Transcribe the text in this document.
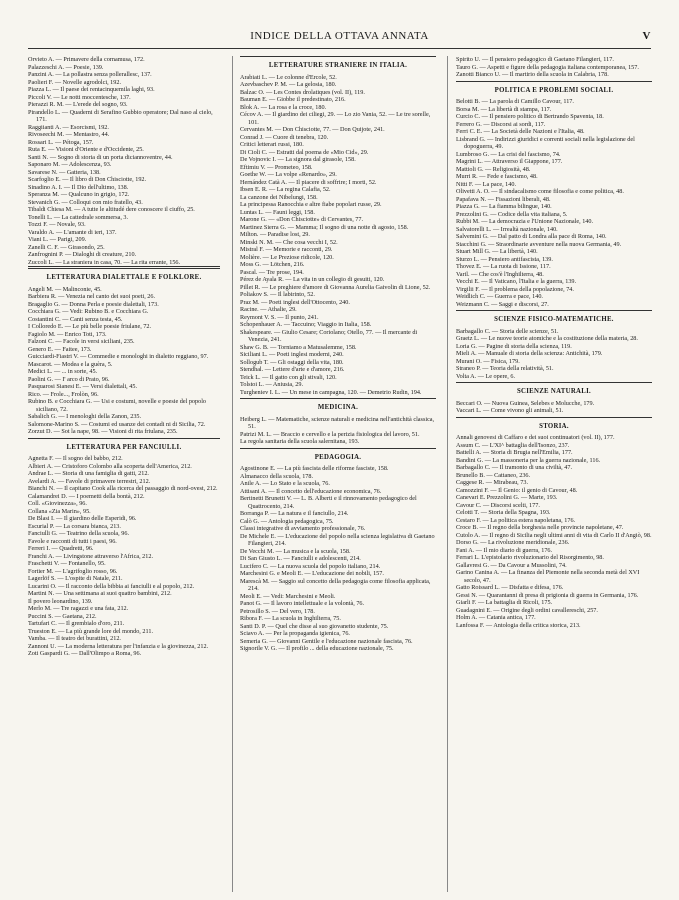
INDICE DELLA OTTAVA ANNATA	V
Orvieto A. — Primavere della cornamusa, 172.
Palazzeschi A. — Poesie, 139.
Panzini A. — La pollastra senza pollerallesc, 137.
Paolieri F. — Novelle agrodolci, 192.
Piazza L. — Il paese dei rentacinquemila laghi, 93.
Piccoli V. — Le notti moccentesche, 137.
Pierazzi R. M. — L'erede del sogno, 93.
Pirandello L. — Quaderni di Serafino Gubbio operatore; Dal naso al cielo, 171.
Raggiianti A. — Esorcismi, 192.
Rivoseechi M. — Mentastro, 44.
Rossari L. — Pétoga, 157.
Ruta E. — Visioni d'Oriente e d'Occidente, 25.
Santi N. — Sogno di storia di un porta diciannoventre, 44.
Saponaro M. — Adolescenza, 93.
Savarese N. — Gatteria, 138.
Scarfoglio E. — Il libro di Don Chisciotte, 192.
Sinadino A. I. — Il Dio dell'ultimo, 138.
Speranza M. — Qualcuno in grigio, 172.
Stevanich G. — Colloqui con mio fratello, 43.
Tibaldi Chiesa M. — A tutte le altitudé dere conoscere il ciuffo, 25.
Tonelli L. — La cattedrale sommersa, 3.
Tozzi F. — Novale, 93.
Varaldo A. — L'amante di ieri, 137.
Viani L. — Parigi, 209.
Zanelli C. F. — Girasondo, 25.
Zanfrognini P. — Dialoghi di creature, 210.
Zuccoli L. — La straniera in casa, 70. — La rita errante, 156.
LETTERATURA DIALETTALE E FOLKLORE.
Angeli M. — Malinconie, 45.
Barbiera R. — Venezia nel canto dei suoi poeti, 26.
Bragaglio G. — Donna Perla e poesie dialettali, 173.
Cocchiara G. — Vedi: Rubino B. e Cocchiara G.
Costantini C. — Canti senza testa, 45.
I Colloredo E. — Le più belle poesie friulane, 72.
Fagiolo M. — Enrico Toti, 173.
Falzoni C. — Facole in versi siciliani, 235.
Genero E. — Faitee, 173.
Guicciardi-Fiastri V. — Commedie e monologhi in dialetto reggiano, 97.
Mascarot. — Modea e la guèra, 5.
Medici L. — ... in sorte, 45.
Paolini G. — I' arco di Prato, 96.
Pasquarosi Sianesi E. — Versi dialettali, 45.
Rico. — Frole..., Frolòn, 96.
Rubino B. e Cocchiara G. — Usi e costumi, novelle e poesie del popolo siciliano, 72.
Sabalich G. — I menologhi della Zanon, 235.
Salomone-Marino S. — Costumi ed usanze dei contadi ni di Sicilia, 72.
Zorzut D. — Sot la nape, 98. — Visioni di rita friulana, 235.
LETTERATURA PER FANCIULLI.
Agnetta F. — Il sogno del babbo, 212.
Albieri A. — Cristoforo Colombo alla scoperta dell'America, 212.
Andrae L. — Storia di una famiglia di gatti, 212.
Avelardi A. — Favole di primavere terrestri, 212.
Bianchi N. — Il capitano Cook alla ricerca del passaggio di nord-ovest, 212.
Calamandrei D. — I poemetti della bontà, 212.
Coll. «Giovinezza», 96.
Collana «Zia Marin», 95.
De Blasi I. — Il giardino delle Esperidi, 96.
Escurial P. — La corsara bianca, 213.
Fanciulli G. — Teatrino della scuola, 96.
Favole e racconti di tutti i paesi, 96.
Ferreri I. — Quadretti, 96.
Franchi A. — Livingstone attraverso l'Africa, 212.
Fraschetti V. — Fontanello, 95.
Fortier M. — L'agrifoglio rosso, 96.
Lagerlöf S. — L'ospite di Natale, 211.
Lucarini O. — Il racconto della bibbia ai fanciulli e al popolo, 212.
Martini N. — Una settimana ai suoi quattro bambini, 212.
Il povero leonardino, 139.
Merlo M. — Tre ragazzi e una fata, 212.
Puccini S. — Gaetana, 212.
Tartufari C. — Il grembialo d'oro, 211.
Trueston E. — La più grande lore del mondo, 211.
Vamba. — Il teatro dei burattini, 212.
Zannoni U. — La moderna letteratura per l'infanzia e la giovinezza, 212.
Zoti Gaspardi G. — Dall'Olimpo a Roma, 96.
LETTERATURE STRANIERE IN ITALIA.
Arabiati L. — Le colonne d'Ercole, 52.
Azevbaschev P. M. — La gelosia, 180.
Balzac O. — Les Contes drolatiques (vol. II), 119.
Bauman E. — Giobbe il predestinato, 216.
Blok A. — La rosa e la croce, 180.
Cécov A. — Il giardino dei ciliegi, 29. — Lo zio Vania, 52. — Le tre sorelle, 101.
Cervantes M. — Don Chisciotte, 77. — Don Quijote, 241.
Conrad J. — Cuore di tenebra, 120.
Critici letterari russi, 180.
Di Cioli C. — Estratti dal poema de «Mio Cid», 29.
De Vojnovic I. — La signora dal girasole, 158.
Eftimiu V. — Prometeo, 158.
Goethe W. — La volpe «Renardo», 29.
Hernández Catà A. — Il piacere di soffrire; I morti, 52.
Ibsen E. R. — La regina Calafia, 52.
La canzone dei Nibelungi, 158.
La principessa Ranocchia e altre fiabe popolari russe, 29.
Luntas L. — Fauni leggi, 158.
Marone G. — «Don Chisciotte» di Cervantes, 77.
Martinez Sierra G. — Mamma; Il sogno di una notte di agosto, 158.
Milton. — Paradise lost, 29.
Minski N. M. — Che cosa vecchi I, 52.
Mistral F. — Memorie e racconti, 29.
Molière. — Le Preziose ridicole, 120.
Moss G. — Lötchen, 216.
Pascal. — Tre prose, 194.
Pérez de Ayala R. — La vita in un collegio di gesuiti, 120.
Pillet R. — Le preghiere d'amore di Giovanna Aurelia Gaivolin di Lione, 52.
Poliakov S. — Il labirinto, 52.
Praz M. — Poeti inglesi dell'Ottocento, 240.
Racine. — Athalie, 29.
Reymont V. S. — Il punto, 241.
Schopenhauer A. — Taccuino; Viaggio in Italia, 158.
Shakespeare. — Giulio Cesare; Coriolano; Otello, 77. — Il mercante di Venezia, 241.
Shaw G. B. — Torniamo a Matusalemme, 158.
Siciliani L. — Poeti inglesi moderni, 240.
Sollogub T. — Gli ostaggi della vita, 180.
Stendhal. — Lettere d'arte e d'amore, 216.
Teick L. — Il gatto con gli stivali, 120.
Tolstoi L. — Aniusia, 29.
Turgheniev I. L. — Un mese in campagna, 120. — Demetrio Rudin, 194.
MEDICINA.
Heiberg L. — Matematiche, scienze naturali e medicina nell'antichità classica, 51.
Patrizi M. L. — Braccio e cervello e la perizia fisiologica del lavoro, 51.
La regola sanitaria della scuola salernitana, 193.
PEDAGOGIA.
Agostinone E. — La più fascista delle riforme fasciste, 158.
Almanacco della scuola, 178.
Anile A. — Lo Stato e la scuola, 76.
Attisani A. — Il concetto dell'educazione economica, 76.
Bertinetti Brunetti V. — L. B. Alberti e il rinnovamento pedagogico del Quattrocento, 214.
Borranga P. — La natura e il fanciullo, 214.
Calò G. — Antologia pedagogica, 75.
Classi integrative di avviamento professionale, 76.
De Michele E. — L'educazione del popolo nella scienza legislativa di Gaetano Filangieri, 214.
De Vecchi M. — La musica e la scuola, 158.
Di San Giusto L. — Fanciulli e adolescenti, 214.
Lucifero C. — La nuova scuola del popolo italiano, 214.
Marchesini G. e Meoli E. — L'educazione dei nobili, 157.
Marescà M. — Saggio sul concetto della pedagogia come filosofia applicata, 214.
Meoli E. — Vedi: Marchesini e Meoli.
Panot G. — Il lavoro intellettuale e la volontà, 76.
Petrosillo S. — Del vero, 178.
Ribora F. — La scuola in Inghilterra, 75.
Santi D. P. — Quel che disse al suo giovanetto studente, 75.
Sciavo A. — Per la propaganda igienica, 76.
Semeria G. — Giovanni Gentile e l'educazione nazionale fascista, 76.
Signorile V. G. — Il profilo ... della educazione nazionale, 75.
Spirito U. — Il pensiero pedagogico di Gaetano Filangieri, 117.
Tauro G. — Aspetti e figure della pedagogia italiana contemporanea, 157.
Zanotti Bianco U. — Il martirio della scuola in Calabria, 178.
POLITICA E PROBLEMI SOCIALI.
Belotti B. — La parola di Camillo Cavour, 117.
Borsa M. — La libertà di stampa, 117.
Curcio C. — Il pensiero politico di Bertrando Spaventa, 18.
Ferrero G. — Discorsi ai sordi, 117.
Ferri C. E. — La Società delle Nazioni e l'Italia, 48.
Lisbrand G. — Indirizzi giuridici e correnti sociali nella legislazione del dopoguerra, 49.
Lumbroso G. — La crisi del fascismo, 74.
Magrini L. — Attraverso il Giappone, 177.
Mattioli G. — Religiosità, 48.
Murri R. — Fede e fascismo, 48.
Nitti F. — La pace, 140.
Olivetti A. O. — Il sindacalismo come filosofia e come politica, 48.
Papafava N. — Fissazioni liberali, 48.
Piazza G. — La fiamma bilingue, 140.
Prezzolini G. — Codice della vita italiana, 5.
Rubbi M. — La democrazia e l'Unione Nazionale, 140.
Salvatorelli L. — Irrealtà nazionale, 140.
Salvemini G. — Dal patto di Londra alla pace di Roma, 140.
Stacchini G. — Straordinarie avventure nella nuova Germania, 49.
Stuart Mill G. — La libertà, 140.
Sturzo L. — Pensiero antifascista, 139.
Thovez E. — La ruota di Issione, 117.
Varil. — Che cos'è l'Inghilterra, 48.
Vecchi E. — Il Vaticano, l'Italia e la guerra, 139.
Virgilii F. — Il problema della popolazione, 74.
Weidlich C. — Guerra e pace, 140.
Weizmann C. — Saggi e discorsi, 27.
SCIENZE FISICO-MATEMATICHE.
Barbagallo C. — Storia delle scienze, 51.
Graetz L. — Le nuove teorie atomiche e la costituzione della materia, 28.
Loria G. — Pagine di storia della scienza, 119.
Mieli A. — Manuale di storia della scienza: Antichità, 179.
Murani O. — Fisica, 179.
Straneo P. — Teoria della relatività, 51.
Volta A. — Le opere, 6.
SCIENZE NATURALI.
Beccari O. — Nuova Guinea, Selebes e Molucche, 179.
Vaccari L. — Come vivono gli animali, 51.
STORIA.
Annali genovesi di Caffaro e dei suoi continuatori (vol. II), 177.
Assum C. — L'XI^ battaglia dell'Isonzo, 237.
Battelli A. — Storia di Brugia nell'Emilia, 177.
Bandini G. — La massoneria per la guerra nazionale, 116.
Barbagallo C. — Il tramonto di una civiltà, 47.
Brunello B. — Cattaneo, 236.
Caggese R. — Mirabeau, 73.
Camozzini F. — Il Genio: il genio di Cavour, 48.
Canevari E. Prezzolini G. — Marte, 193.
Cavour C. — Discorsi scelti, 177.
Celotti T. — Storia della Spagna, 193.
Cestaro F. — La politica estera napoletana, 176.
Croce B. — Il regno della borghesia nelle provincie napoletane, 47.
Cutolo A. — Il regno di Sicilia negli ultimi anni di vita di Carlo II d'Angiò, 98.
Dorso G. — La rivoluzione meridionale, 236.
Fani A. — Il mio diario di guerra, 176.
Ferrari L. L'epistolario rivoluzionario del Risorgimento, 98.
Gallavresi G. — Da Cavour a Mussolini, 74.
Garino Canina A. — La finanza del Piemonte nella seconda metà del XVI secolo, 47.
Gatto Roissard L. — Disfatta e difesa, 176.
Gessi N. — Quarantanni di presa di prigionia di guerra in Germania, 176.
Giarli F. — La battaglia di Ricoli, 175.
Guadagnini E. — Origine degli ordini cavallereschi, 257.
Holm A. — Catania antica, 177.
Lanfossa F. — Antologia della critica storica, 213.
